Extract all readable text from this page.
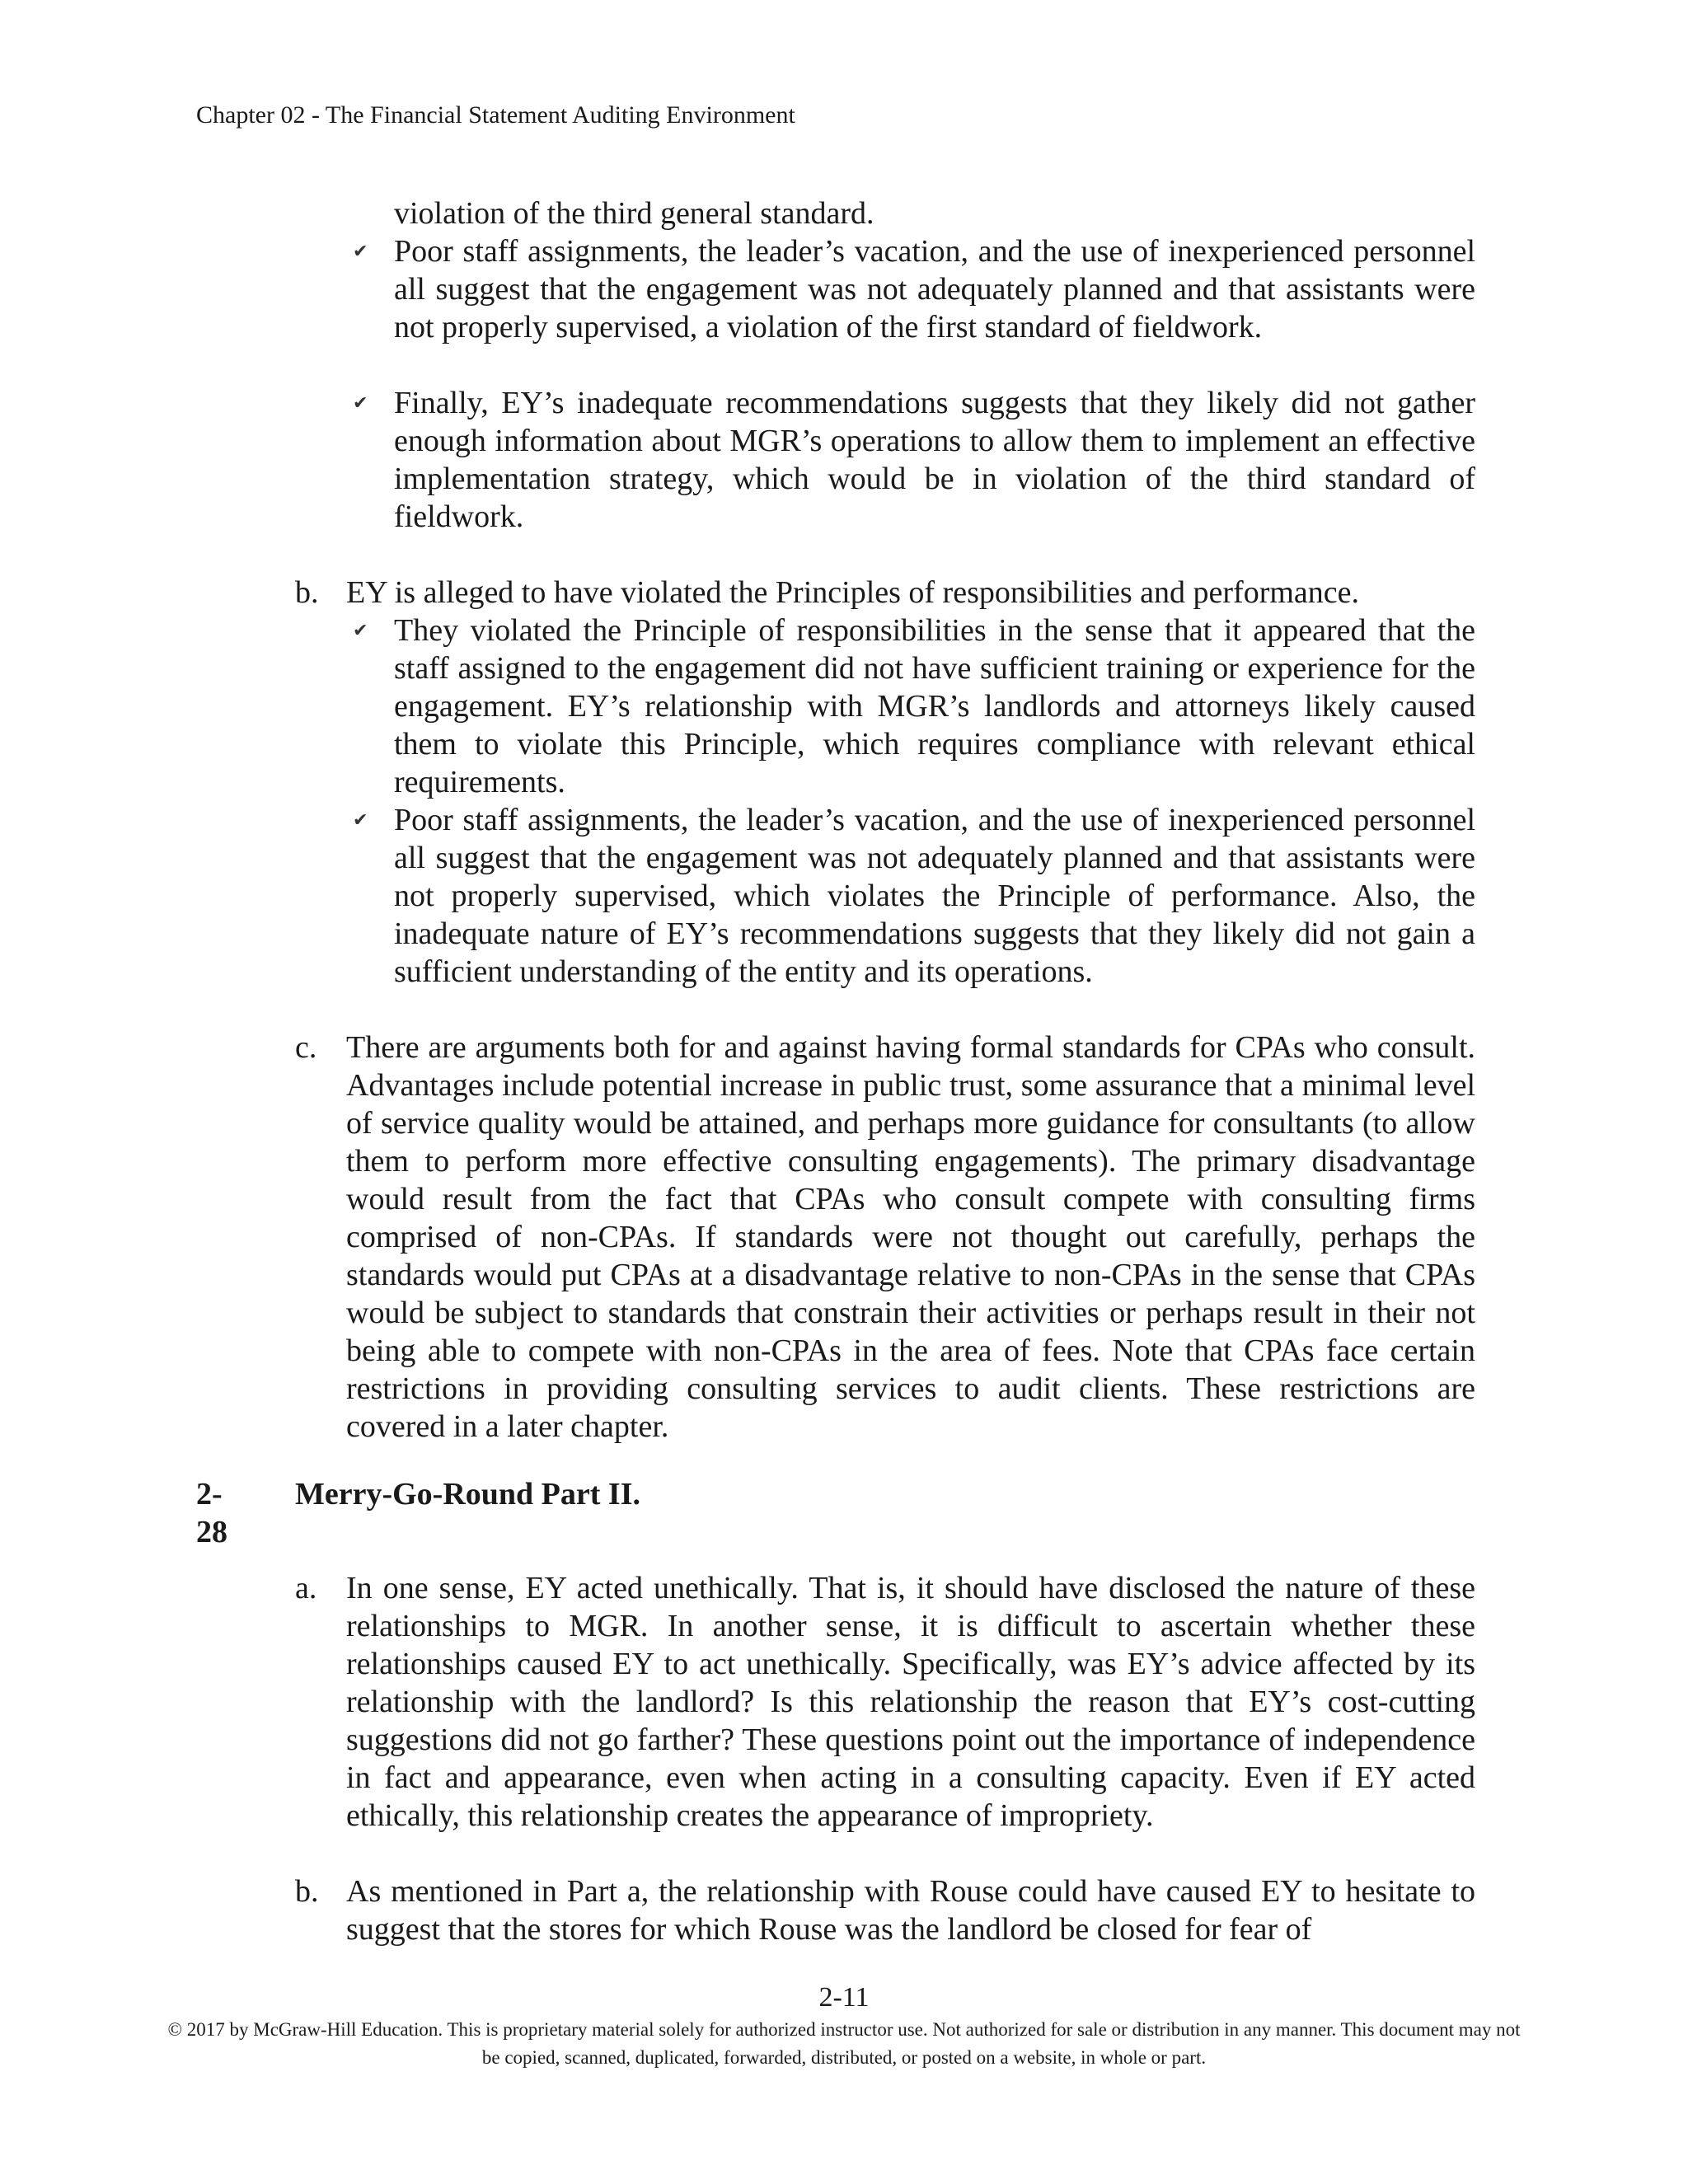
Chapter 02 - The Financial Statement Auditing Environment
violation of the third general standard.
✔ Poor staff assignments, the leader’s vacation, and the use of inexperienced personnel all suggest that the engagement was not adequately planned and that assistants were not properly supervised, a violation of the first standard of fieldwork.
✔ Finally, EY’s inadequate recommendations suggests that they likely did not gather enough information about MGR’s operations to allow them to implement an effective implementation strategy, which would be in violation of the third standard of fieldwork.
b. EY is alleged to have violated the Principles of responsibilities and performance.
✔ They violated the Principle of responsibilities in the sense that it appeared that the staff assigned to the engagement did not have sufficient training or experience for the engagement. EY’s relationship with MGR’s landlords and attorneys likely caused them to violate this Principle, which requires compliance with relevant ethical requirements.
✔ Poor staff assignments, the leader’s vacation, and the use of inexperienced personnel all suggest that the engagement was not adequately planned and that assistants were not properly supervised, which violates the Principle of performance. Also, the inadequate nature of EY’s recommendations suggests that they likely did not gain a sufficient understanding of the entity and its operations.
c. There are arguments both for and against having formal standards for CPAs who consult. Advantages include potential increase in public trust, some assurance that a minimal level of service quality would be attained, and perhaps more guidance for consultants (to allow them to perform more effective consulting engagements). The primary disadvantage would result from the fact that CPAs who consult compete with consulting firms comprised of non-CPAs. If standards were not thought out carefully, perhaps the standards would put CPAs at a disadvantage relative to non-CPAs in the sense that CPAs would be subject to standards that constrain their activities or perhaps result in their not being able to compete with non-CPAs in the area of fees. Note that CPAs face certain restrictions in providing consulting services to audit clients. These restrictions are covered in a later chapter.
2-28
Merry-Go-Round Part II.
a. In one sense, EY acted unethically. That is, it should have disclosed the nature of these relationships to MGR. In another sense, it is difficult to ascertain whether these relationships caused EY to act unethically. Specifically, was EY’s advice affected by its relationship with the landlord? Is this relationship the reason that EY’s cost-cutting suggestions did not go farther? These questions point out the importance of independence in fact and appearance, even when acting in a consulting capacity. Even if EY acted ethically, this relationship creates the appearance of impropriety.
b. As mentioned in Part a, the relationship with Rouse could have caused EY to hesitate to suggest that the stores for which Rouse was the landlord be closed for fear of
2-11
© 2017 by McGraw-Hill Education. This is proprietary material solely for authorized instructor use. Not authorized for sale or distribution in any manner. This document may not be copied, scanned, duplicated, forwarded, distributed, or posted on a website, in whole or part.
